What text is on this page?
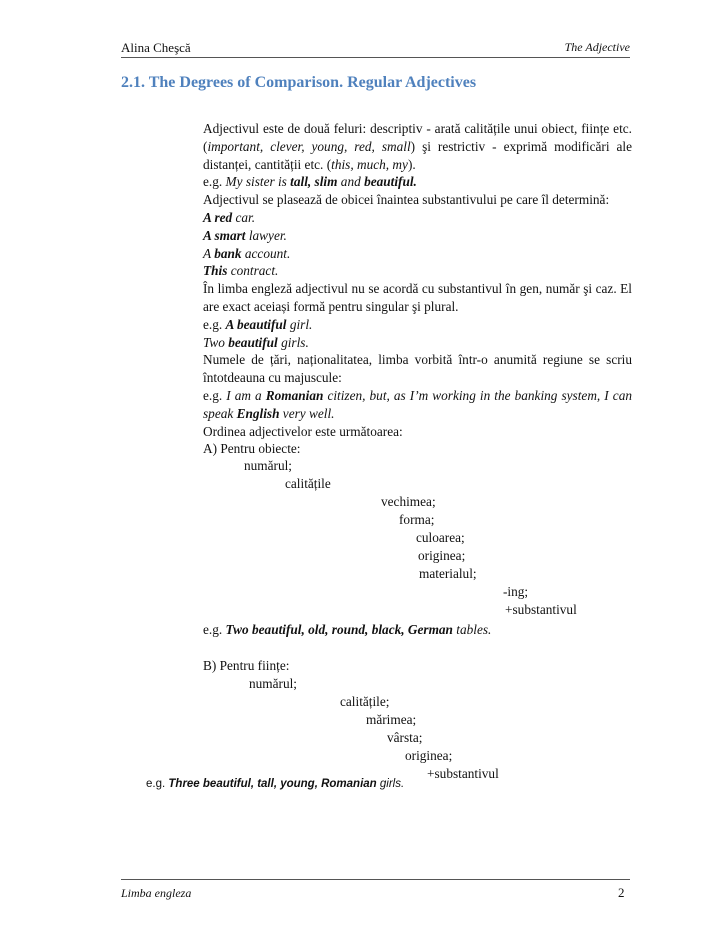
Alina Cheşcă	The Adjective
2.1. The Degrees of Comparison. Regular Adjectives

Adjectivul este de două feluri: descriptiv - arată calitățile unui obiect, ființe etc.(important, clever, young, red, small) şi restrictiv - exprimă modificări ale distanței, cantității etc. (this, much, my).

e.g. My sister is tall, slim and beautiful.

Adjectivul se plasează de obicei înaintea substantivului pe care îl determină:

A red car.

A smart lawyer.

A bank account.

This contract.

În limba engleză adjectivul nu se acordă cu substantivul în gen, număr şi caz. El are exact aceiași formă pentru singular şi plural.

e.g. A beautiful girl.

Two beautiful girls.

Numele de țări, naționalitatea, limba vorbită într-o anumită regiune se scriu întotdeauna cu majuscule:

e.g. I am a Romanian citizen, but, as I’m working in the banking system, I can speak English very well.

Ordinea adjectivelor este următoarea:

A) Pentru obiecte:

numărul;
calitățile
vechimea;
forma;
culoarea;
originea;
materialul;
-ing;
+substantivul
e.g. Two beautiful, old, round, black, German tables.
B) Pentru ființe:
numărul;
calitățile;
mărimea;
vârsta;
originea;
+substantivul
e.g. Three beautiful, tall, young, Romanian girls.
Limba engleza	2
